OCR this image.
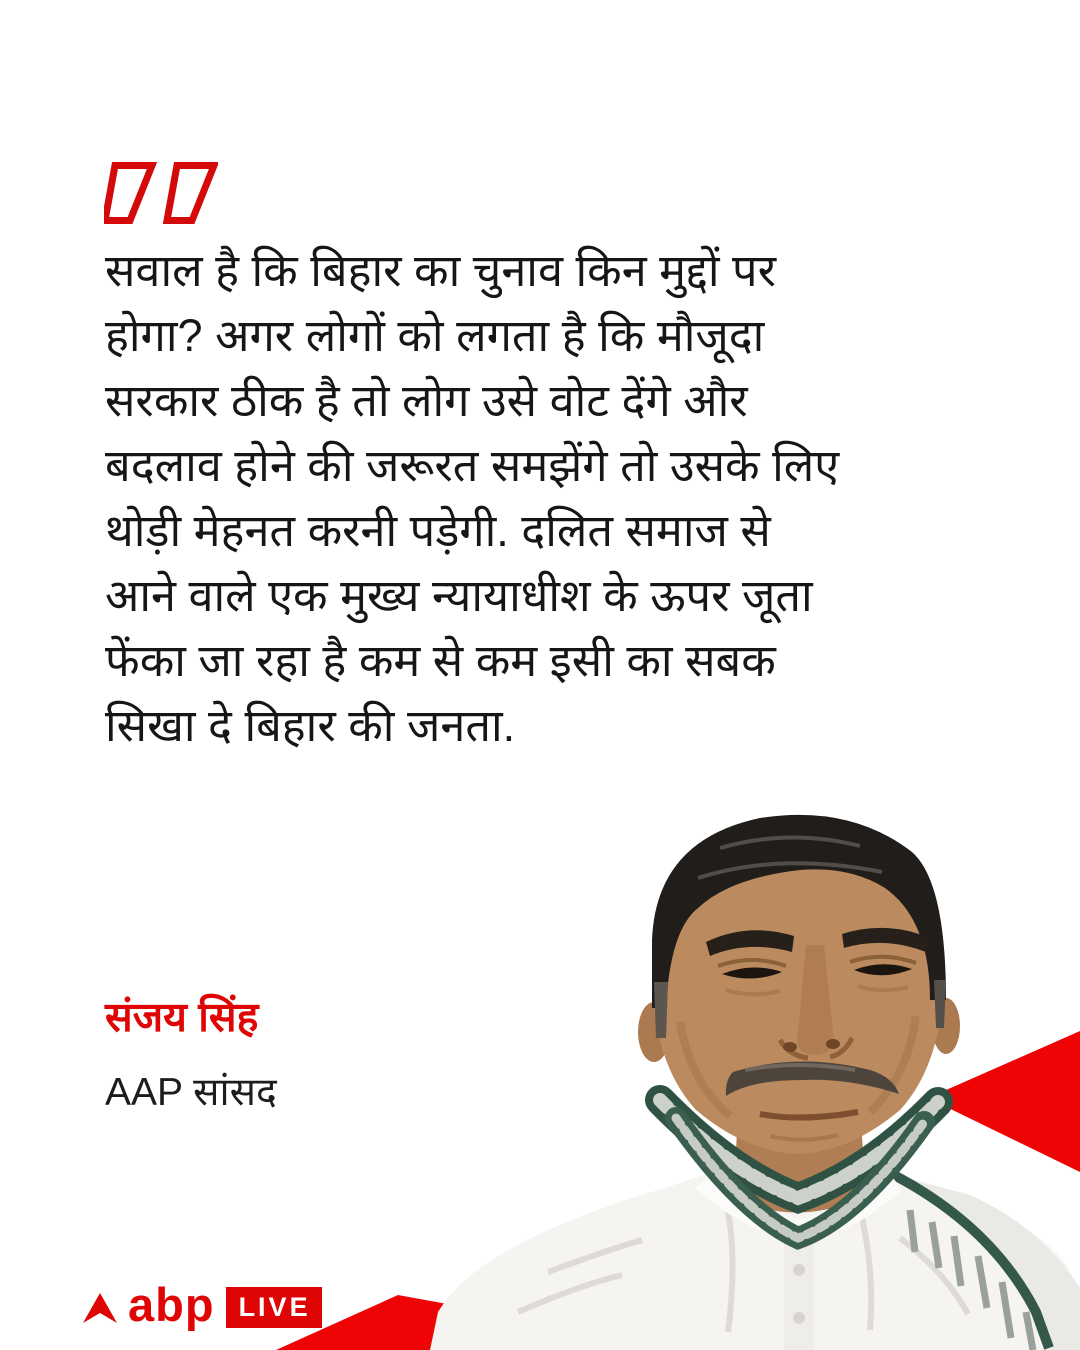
सवाल है कि बिहार का चुनाव किन मुद्दों पर
होगा? अगर लोगों को लगता है कि मौजूदा
सरकार ठीक है तो लोग उसे वोट देंगे और
बदलाव होने की जरूरत समझेंगे तो उसके लिए
थोड़ी मेहनत करनी पड़ेगी. दलित समाज से
आने वाले एक मुख्य न्यायाधीश के ऊपर जूता
फेंका जा रहा है कम से कम इसी का सबक
सिखा दे बिहार की जनता.
संजय सिंह
AAP सांसद
abp LIVE
